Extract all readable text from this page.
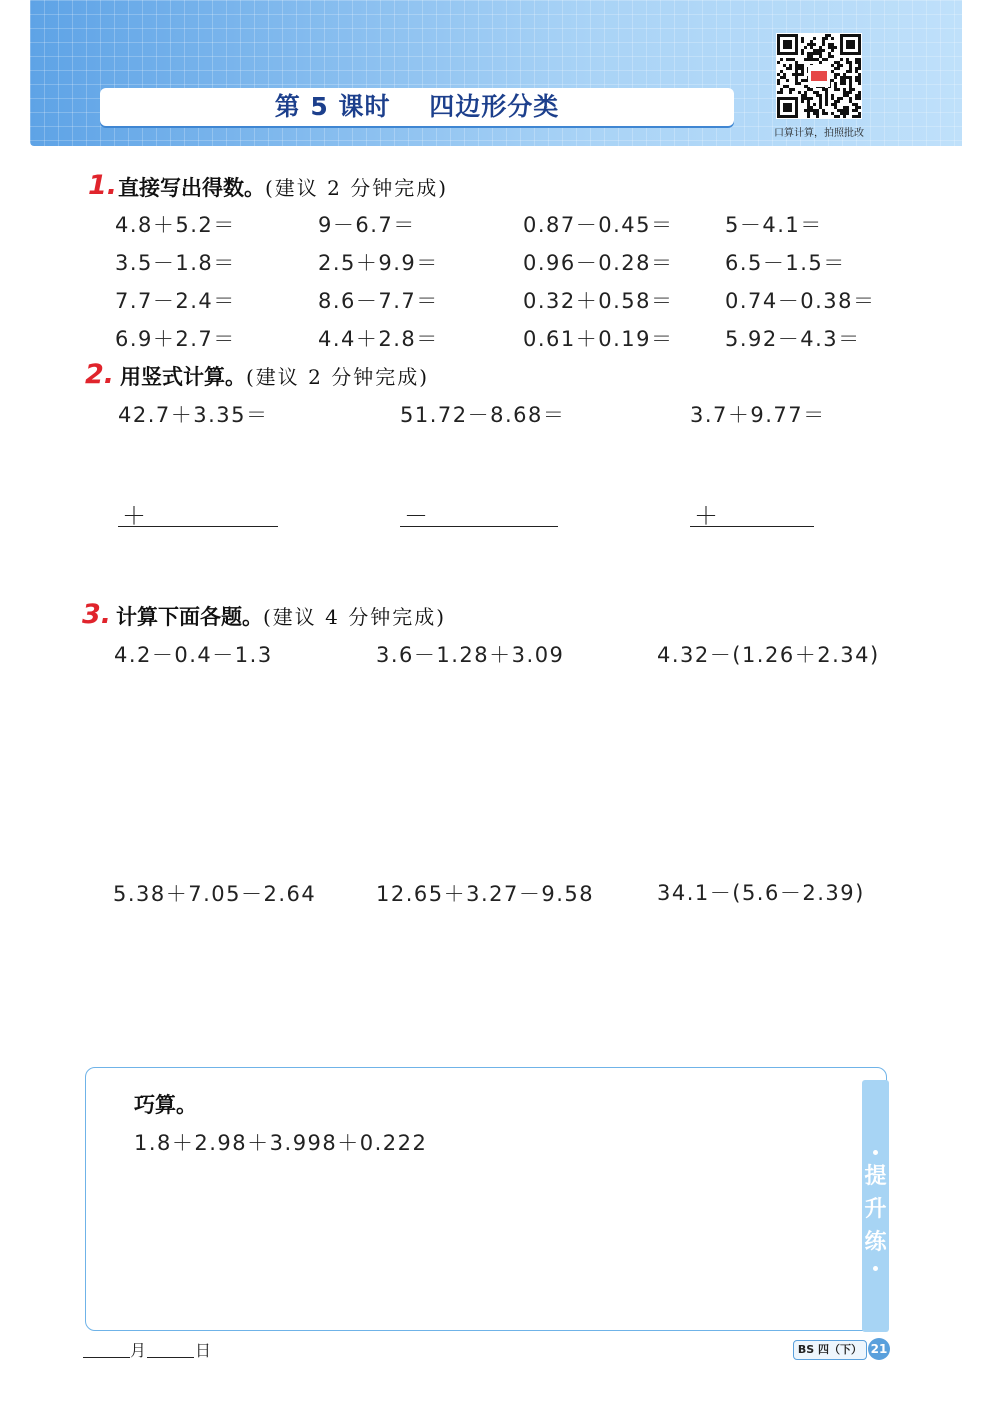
第 5 课时    四边形分类
口算计算，拍照批改
1. 直接写出得数。(建议 2 分钟完成)
4.8＋5.2＝	9－6.7＝	0.87－0.45＝ 5－4.1＝
3.5－1.8＝	2.5＋9.9＝	0.96－0.28＝ 6.5－1.5＝
7.7－2.4＝	8.6－7.7＝	0.32＋0.58＝ 0.74－0.38＝
6.9＋2.7＝	4.4＋2.8＝	0.61＋0.19＝ 5.92－4.3＝
2. 用竖式计算。(建议 2 分钟完成)
42.7＋3.35＝	51.72－8.68＝	3.7＋9.77＝
＋	－	＋
3. 计算下面各题。(建议 4 分钟完成)
4.2－0.4－1.3	3.6－1.28＋3.09	4.32－(1.26＋2.34)
5.38＋7.05－2.64	12.65＋3.27－9.58	34.1－(5.6－2.39)
提
升
练
巧算。
1.8＋2.98＋3.998＋0.222
月	日	BS 四（下） 21
